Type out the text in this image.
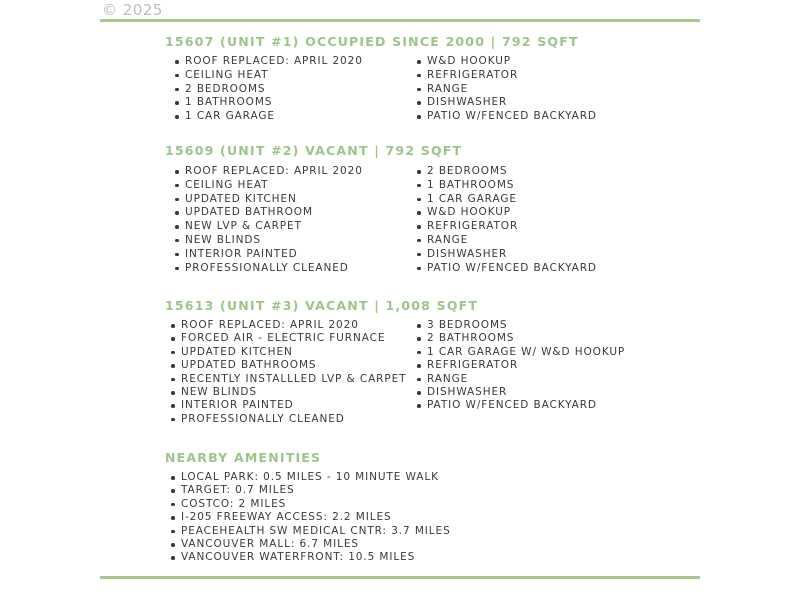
© 2025
15607 (UNIT #1) OCCUPIED SINCE 2000 | 792 SQFT
ROOF REPLACED: APRIL 2020
CEILING HEAT
2 BEDROOMS
1 BATHROOMS
1 CAR GARAGE
W&D HOOKUP
REFRIGERATOR
RANGE
DISHWASHER
PATIO W/FENCED BACKYARD
15609 (UNIT #2) VACANT | 792 SQFT
ROOF REPLACED: APRIL 2020
CEILING HEAT
UPDATED KITCHEN
UPDATED BATHROOM
NEW LVP & CARPET
NEW BLINDS
INTERIOR PAINTED
PROFESSIONALLY CLEANED
2 BEDROOMS
1 BATHROOMS
1 CAR GARAGE
W&D HOOKUP
REFRIGERATOR
RANGE
DISHWASHER
PATIO W/FENCED BACKYARD
15613 (UNIT #3) VACANT | 1,008 SQFT
ROOF REPLACED: APRIL 2020
FORCED AIR - ELECTRIC FURNACE
UPDATED KITCHEN
UPDATED BATHROOMS
RECENTLY INSTALLLED LVP & CARPET
NEW BLINDS
INTERIOR PAINTED
PROFESSIONALLY CLEANED
3 BEDROOMS
2 BATHROOMS
1 CAR GARAGE W/ W&D HOOKUP
REFRIGERATOR
RANGE
DISHWASHER
PATIO W/FENCED BACKYARD
NEARBY AMENITIES
LOCAL PARK: 0.5 MILES - 10 MINUTE WALK
TARGET: 0.7 MILES
COSTCO: 2 MILES
I-205 FREEWAY ACCESS: 2.2 MILES
PEACEHEALTH SW MEDICAL CNTR: 3.7 MILES
VANCOUVER MALL: 6.7 MILES
VANCOUVER WATERFRONT: 10.5 MILES
